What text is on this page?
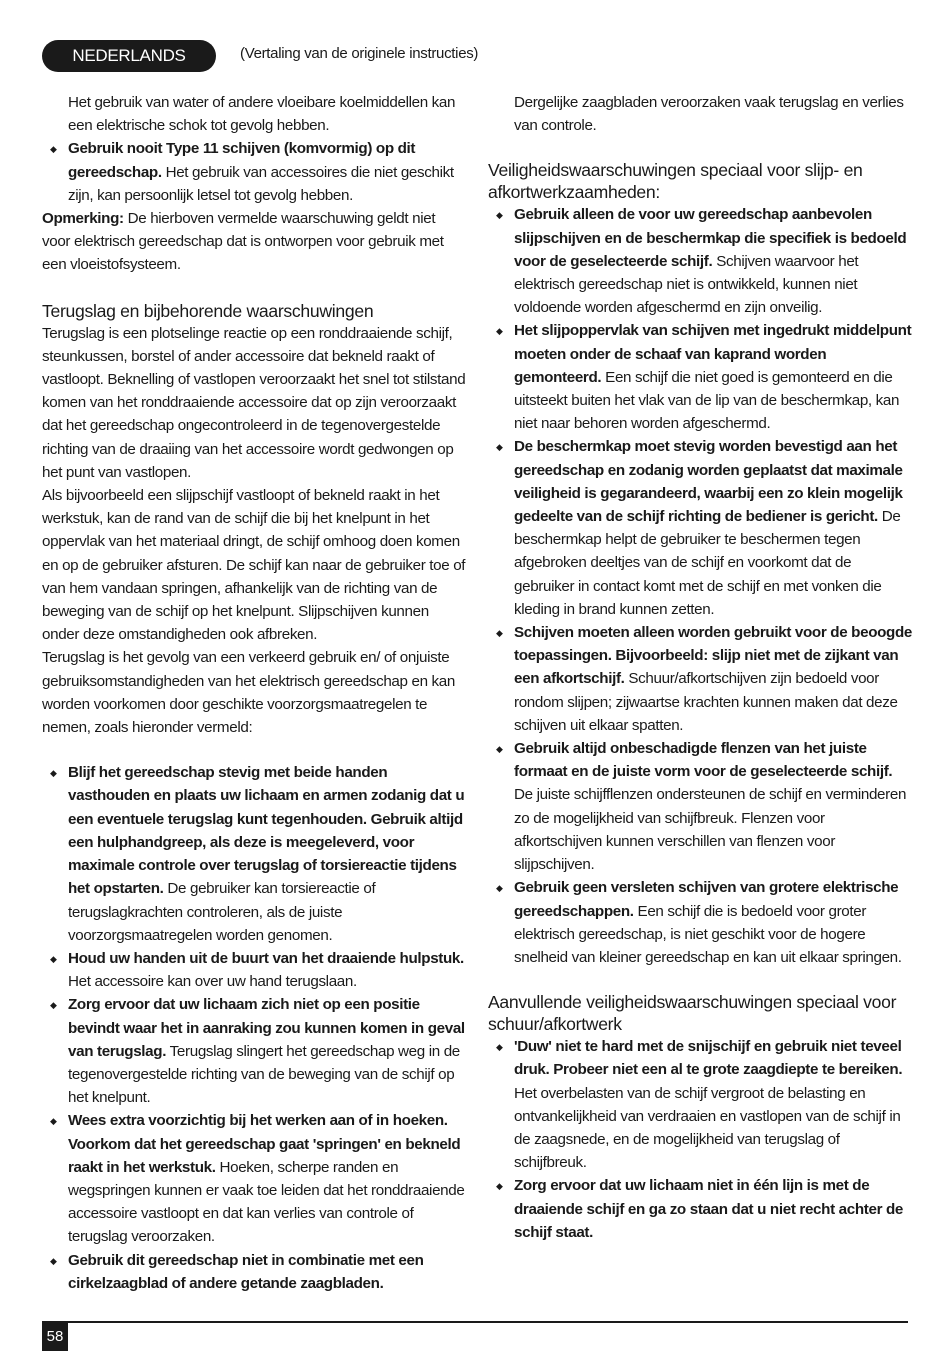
NEDERLANDS	(Vertaling van de originele instructies)

Het gebruik van water of andere vloeibare koelmiddellen kan een elektrische schok tot gevolg hebben.

◆ Gebruik nooit Type 11 schijven (komvormig) op dit gereedschap. Het gebruik van accessoires die niet geschikt zijn, kan persoonlijk letsel tot gevolg hebben.

Opmerking: De hierboven vermelde waarschuwing geldt niet voor elektrisch gereedschap dat is ontworpen voor gebruik met een vloeistofsysteem.

Terugslag en bijbehorende waarschuwingen

Terugslag is een plotselinge reactie op een ronddraaiende schijf, steunkussen, borstel of ander accessoire dat bekneld raakt of vastloopt. Beknelling of vastlopen veroorzaakt het snel tot stilstand komen van het ronddraaiende accessoire dat op zijn veroorzaakt dat het gereedschap ongecontroleerd in de tegenovergestelde richting van de draaiing van het accessoire wordt gedwongen op het punt van vastlopen.

Als bijvoorbeeld een slijpschijf vastloopt of bekneld raakt in het werkstuk, kan de rand van de schijf die bij het knelpunt in het oppervlak van het materiaal dringt, de schijf omhoog doen komen en op de gebruiker afsturen. De schijf kan naar de gebruiker toe of van hem vandaan springen, afhankelijk van de richting van de beweging van de schijf op het knelpunt. Slijpschijven kunnen onder deze omstandigheden ook afbreken.

Terugslag is het gevolg van een verkeerd gebruik en/ of onjuiste gebruiksomstandigheden van het elektrisch gereedschap en kan worden voorkomen door geschikte voorzorgsmaatregelen te nemen, zoals hieronder vermeld:

◆ Blijf het gereedschap stevig met beide handen vasthouden en plaats uw lichaam en armen zodanig dat u een eventuele terugslag kunt tegenhouden. Gebruik altijd een hulphandgreep, als deze is meegeleverd, voor maximale controle over terugslag of torsiereactie tijdens het opstarten. De gebruiker kan torsiereactie of terugslagkrachten controleren, als de juiste voorzorgsmaatregelen worden genomen.

◆ Houd uw handen uit de buurt van het draaiende hulpstuk. Het accessoire kan over uw hand terugslaan.

◆ Zorg ervoor dat uw lichaam zich niet op een positie bevindt waar het in aanraking zou kunnen komen in geval van terugslag. Terugslag slingert het gereedschap weg in de tegenovergestelde richting van de beweging van de schijf op het knelpunt.

◆ Wees extra voorzichtig bij het werken aan of in hoeken. Voorkom dat het gereedschap gaat 'springen' en bekneld raakt in het werkstuk. Hoeken, scherpe randen en wegspringen kunnen er vaak toe leiden dat het ronddraaiende accessoire vastloopt en dat kan verlies van controle of terugslag veroorzaken.

◆ Gebruik dit gereedschap niet in combinatie met een cirkelzaagblad of andere getande zaagbladen.

Dergelijke zaagbladen veroorzaken vaak terugslag en verlies van controle.

Veiligheidswaarschuwingen speciaal voor slijp- en afkortwerkzaamheden:

◆ Gebruik alleen de voor uw gereedschap aanbevolen slijpschijven en de beschermkap die specifiek is bedoeld voor de geselecteerde schijf. Schijven waarvoor het elektrisch gereedschap niet is ontwikkeld, kunnen niet voldoende worden afgeschermd en zijn onveilig.

◆ Het slijpoppervlak van schijven met ingedrukt middelpunt moeten onder de schaaf van kaprand worden gemonteerd. Een schijf die niet goed is gemonteerd en die uitsteekt buiten het vlak van de lip van de beschermkap, kan niet naar behoren worden afgeschermd.

◆ De beschermkap moet stevig worden bevestigd aan het gereedschap en zodanig worden geplaatst dat maximale veiligheid is gegarandeerd, waarbij een zo klein mogelijk gedeelte van de schijf richting de bediener is gericht. De beschermkap helpt de gebruiker te beschermen tegen afgebroken deeltjes van de schijf en voorkomt dat de gebruiker in contact komt met de schijf en met vonken die kleding in brand kunnen zetten.

◆ Schijven moeten alleen worden gebruikt voor de beoogde toepassingen. Bijvoorbeeld: slijp niet met de zijkant van een afkortschijf. Schuur/afkortschijven zijn bedoeld voor rondom slijpen; zijwaartse krachten kunnen maken dat deze schijven uit elkaar spatten.

◆ Gebruik altijd onbeschadigde flenzen van het juiste formaat en de juiste vorm voor de geselecteerde schijf. De juiste schijfflenzen ondersteunen de schijf en verminderen zo de mogelijkheid van schijfbreuk. Flenzen voor afkortschijven kunnen verschillen van flenzen voor slijpschijven.

◆ Gebruik geen versleten schijven van grotere elektrische gereedschappen. Een schijf die is bedoeld voor groter elektrisch gereedschap, is niet geschikt voor de hogere snelheid van kleiner gereedschap en kan uit elkaar springen.

Aanvullende veiligheidswaarschuwingen speciaal voor schuur/afkortwerk

◆ 'Duw' niet te hard met de snijschijf en gebruik niet teveel druk. Probeer niet een al te grote zaagdiepte te bereiken. Het overbelasten van de schijf vergroot de belasting en ontvankelijkheid van verdraaien en vastlopen van de schijf in de zaagsnede, en de mogelijkheid van terugslag of schijfbreuk.

◆ Zorg ervoor dat uw lichaam niet in één lijn is met de draaiende schijf en ga zo staan dat u niet recht achter de schijf staat.

58
